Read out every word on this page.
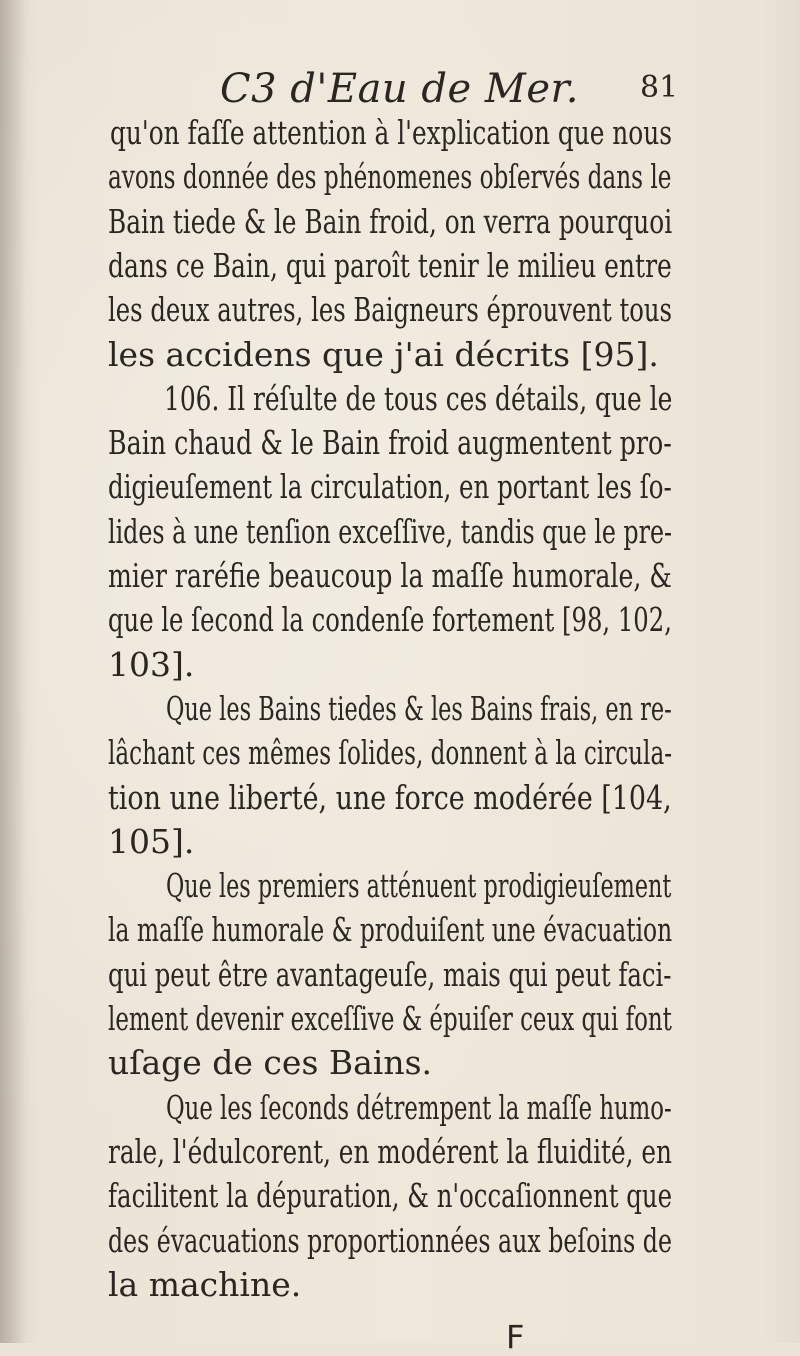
C3 d'Eau de Mer. 81
qu'on faſſe attention à l'explication que nous
avons donnée des phénomenes obſervés dans le
Bain tiede & le Bain froid, on verra pourquoi
dans ce Bain, qui paroît tenir le milieu entre
les deux autres, les Baigneurs éprouvent tous
les accidens que j'ai décrits [95].
106. Il réſulte de tous ces détails, que le
Bain chaud & le Bain froid augmentent pro-
digieuſement la circulation, en portant les ſo-
lides à une tenſion exceſſive, tandis que le pre-
mier raréfie beaucoup la maſſe humorale, &
que le ſecond la condenſe fortement [98, 102,
103].
Que les Bains tiedes & les Bains frais, en re-
lâchant ces mêmes ſolides, donnent à la circula-
tion une liberté, une force modérée [104,
105].
Que les premiers atténuent prodigieuſement
la maſſe humorale & produiſent une évacuation
qui peut être avantageuſe, mais qui peut faci-
lement devenir exceſſive & épuiſer ceux qui font
uſage de ces Bains.
Que les ſeconds détrempent la maſſe humo-
rale, l'édulcorent, en modérent la fluidité, en
facilitent la dépuration, & n'occaſionnent que
des évacuations proportionnées aux beſoins de
la machine.
F
